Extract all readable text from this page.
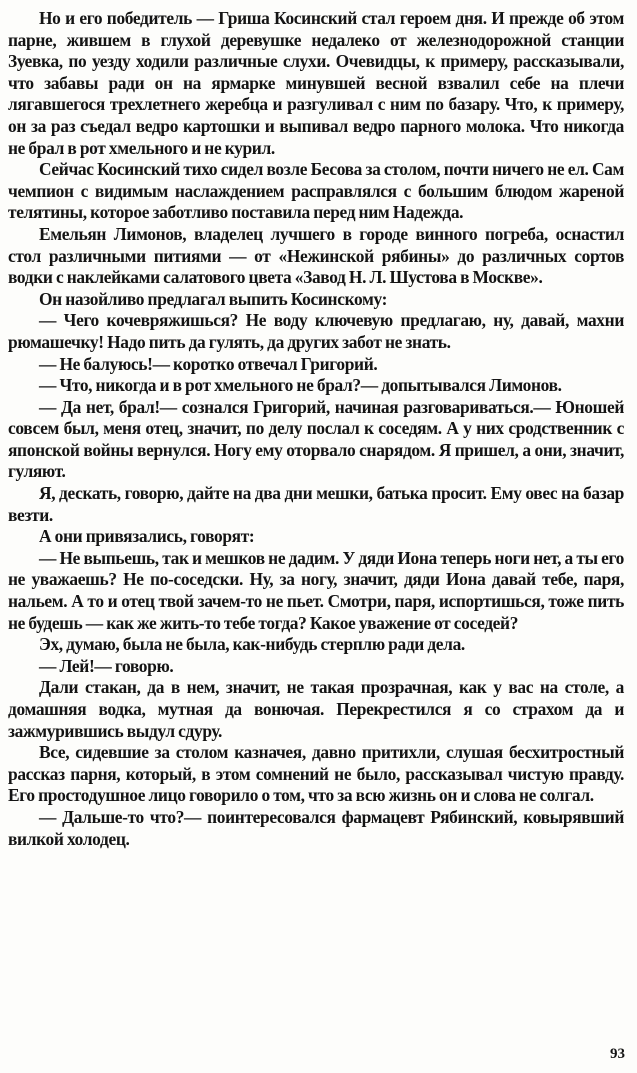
Но и его победитель — Гриша Косинский стал героем дня. И прежде об этом парне, жившем в глухой деревушке недалеко от железнодорожной станции Зуевка, по уезду ходили различные слухи. Очевидцы, к примеру, рассказывали, что забавы ради он на ярмарке минувшей весной взвалил себе на плечи лягавшегося трехлетнего жеребца и разгуливал с ним по базару. Что, к примеру, он за раз съедал ведро картошки и выпивал ведро парного молока. Что никогда не брал в рот хмельного и не курил.

Сейчас Косинский тихо сидел возле Бесова за столом, почти ничего не ел. Сам чемпион с видимым наслаждением расправлялся с большим блюдом жареной телятины, которое заботливо поставила перед ним Надежда.

Емельян Лимонов, владелец лучшего в городе винного погреба, оснастил стол различными питиями — от «Нежинской рябины» до различных сортов водки с наклейками салатового цвета «Завод Н. Л. Шустова в Москве».

Он назойливо предлагал выпить Косинскому:

— Чего кочевряжишься? Не воду ключевую предлагаю, ну, давай, махни рюмашечку! Надо пить да гулять, да других забот не знать.

— Не балуюсь!— коротко отвечал Григорий.

— Что, никогда и в рот хмельного не брал?— допытывался Лимонов.

— Да нет, брал!— сознался Григорий, начиная разговариваться.— Юношей совсем был, меня отец, значит, по делу послал к соседям. А у них сродственник с японской войны вернулся. Ногу ему оторвало снарядом. Я пришел, а они, значит, гуляют.

Я, дескать, говорю, дайте на два дни мешки, батька просит. Ему овес на базар везти.

А они привязались, говорят:

— Не выпьешь, так и мешков не дадим. У дяди Иона теперь ноги нет, а ты его не уважаешь? Не по-соседски. Ну, за ногу, значит, дяди Иона давай тебе, паря, нальем. А то и отец твой зачем-то не пьет. Смотри, паря, испортишься, тоже пить не будешь — как же жить-то тебе тогда? Какое уважение от соседей?

Эх, думаю, была не была, как-нибудь стерплю ради дела.

— Лей!— говорю.

Дали стакан, да в нем, значит, не такая прозрачная, как у вас на столе, а домашняя водка, мутная да вонючая. Перекрестился я со страхом да и зажмурившись выдул сдуру.

Все, сидевшие за столом казначея, давно притихли, слушая бесхитростный рассказ парня, который, в этом сомнений не было, рассказывал чистую правду. Его простодушное лицо говорило о том, что за всю жизнь он и слова не солгал.

— Дальше-то что?— поинтересовался фармацевт Рябинский, ковырявший вилкой холодец.

93
